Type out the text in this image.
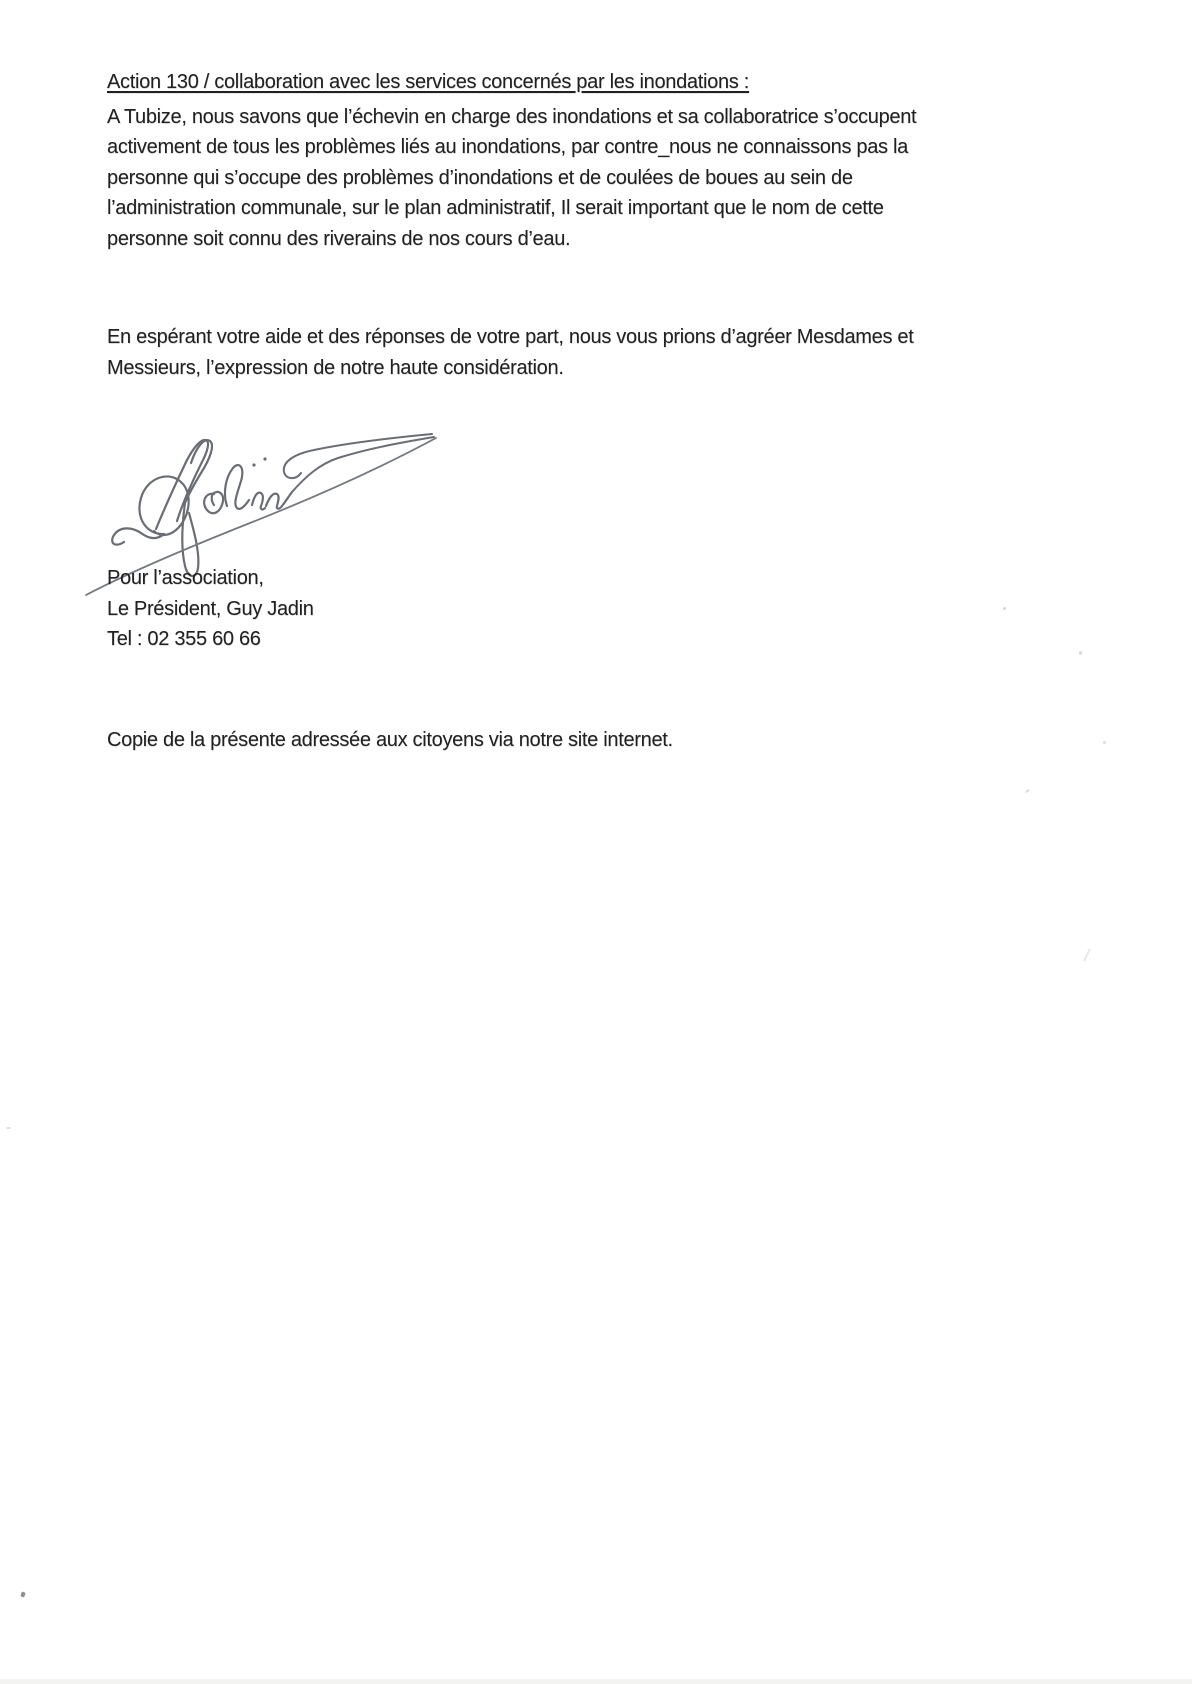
Action 130 / collaboration avec les services concernés par les inondations :

A Tubize, nous savons que l’échevin en charge des inondations et sa collaboratrice s’occupent
activement de tous les problèmes liés au inondations, par contre_nous ne connaissons pas la
personne qui s’occupe des problèmes d’inondations et de coulées de boues au sein de
l’administration communale, sur le plan administratif, Il serait important que le nom de cette
personne soit connu des riverains de nos cours d’eau.

En espérant votre aide et des réponses de votre part, nous vous prions d’agréer Mesdames et
Messieurs, l’expression de notre haute considération.

Pour l’association,
Le Président, Guy Jadin
Tel : 02 355 60 66
Copie de la présente adressée aux citoyens via notre site internet.
